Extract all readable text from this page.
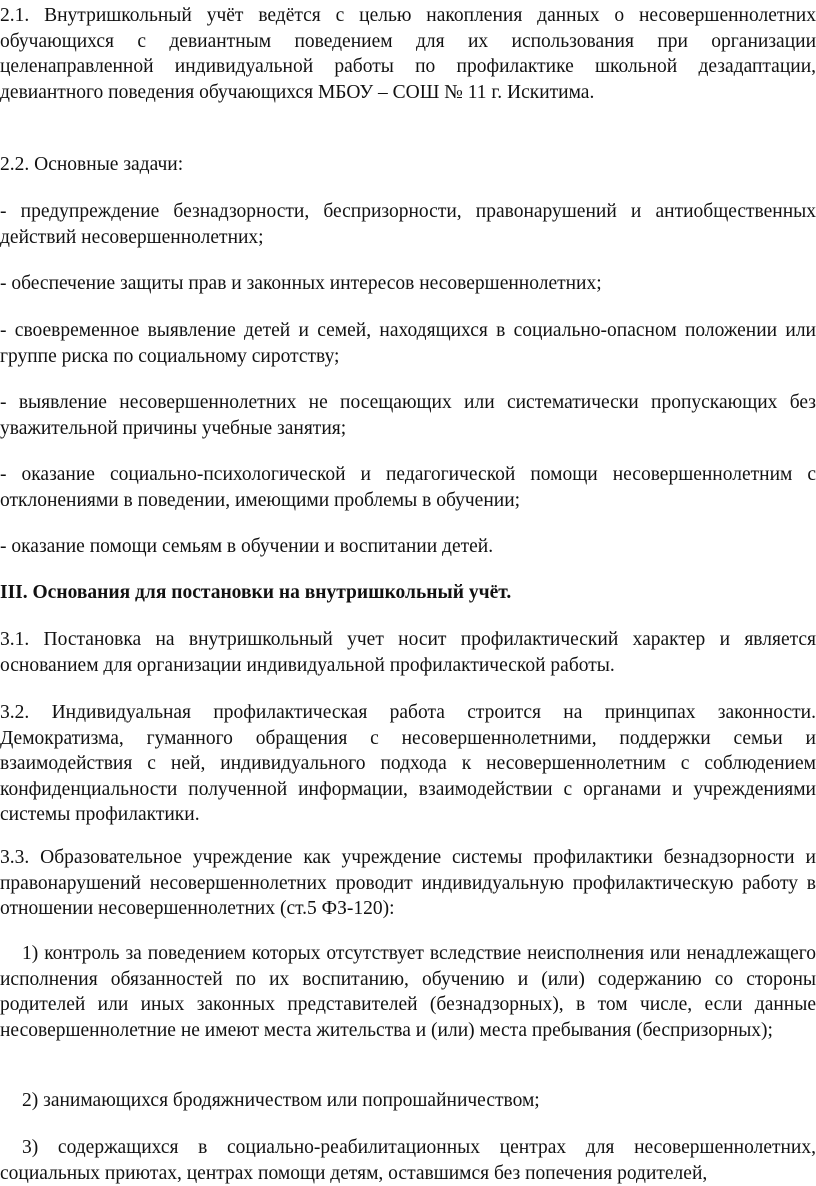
2.1. Внутришкольный учёт ведётся с целью накопления данных о несовершеннолетних обучающихся с девиантным поведением для их использования при организации целенаправленной индивидуальной работы по профилактике школьной дезадаптации, девиантного поведения обучающихся МБОУ – СОШ № 11 г. Искитима.

2.2. Основные задачи:

- предупреждение безнадзорности, беспризорности, правонарушений и антиобщественных действий несовершеннолетних;

- обеспечение защиты прав и законных интересов несовершеннолетних;

- своевременное выявление детей и семей, находящихся в социально-опасном положении или группе риска по социальному сиротству;

- выявление несовершеннолетних не посещающих или систематически пропускающих без уважительной причины учебные занятия;

- оказание социально-психологической и педагогической помощи несовершеннолетним с отклонениями в поведении, имеющими проблемы в обучении;

- оказание помощи семьям в обучении и воспитании детей.

III. Основания для постановки на внутришкольный учёт.

3.1. Постановка на внутришкольный учет носит профилактический характер и является основанием для организации индивидуальной профилактической работы.

3.2. Индивидуальная профилактическая работа строится на принципах законности. Демократизма, гуманного обращения с несовершеннолетними, поддержки семьи и взаимодействия с ней, индивидуального подхода к несовершеннолетним с соблюдением конфиденциальности полученной информации, взаимодействии с органами и учреждениями системы профилактики.

3.3. Образовательное учреждение как учреждение системы профилактики безнадзорности и правонарушений несовершеннолетних проводит индивидуальную профилактическую работу в отношении несовершеннолетних (ст.5 ФЗ-120):

1) контроль за поведением которых отсутствует вследствие неисполнения или ненадлежащего исполнения обязанностей по их воспитанию, обучению и (или) содержанию со стороны родителей или иных законных представителей (безнадзорных), в том числе, если данные несовершеннолетние не имеют места жительства и (или) места пребывания (беспризорных);

2) занимающихся бродяжничеством или попрошайничеством;

3) содержащихся в социально-реабилитационных центрах для несовершеннолетних, социальных приютах, центрах помощи детям, оставшимся без попечения родителей,
